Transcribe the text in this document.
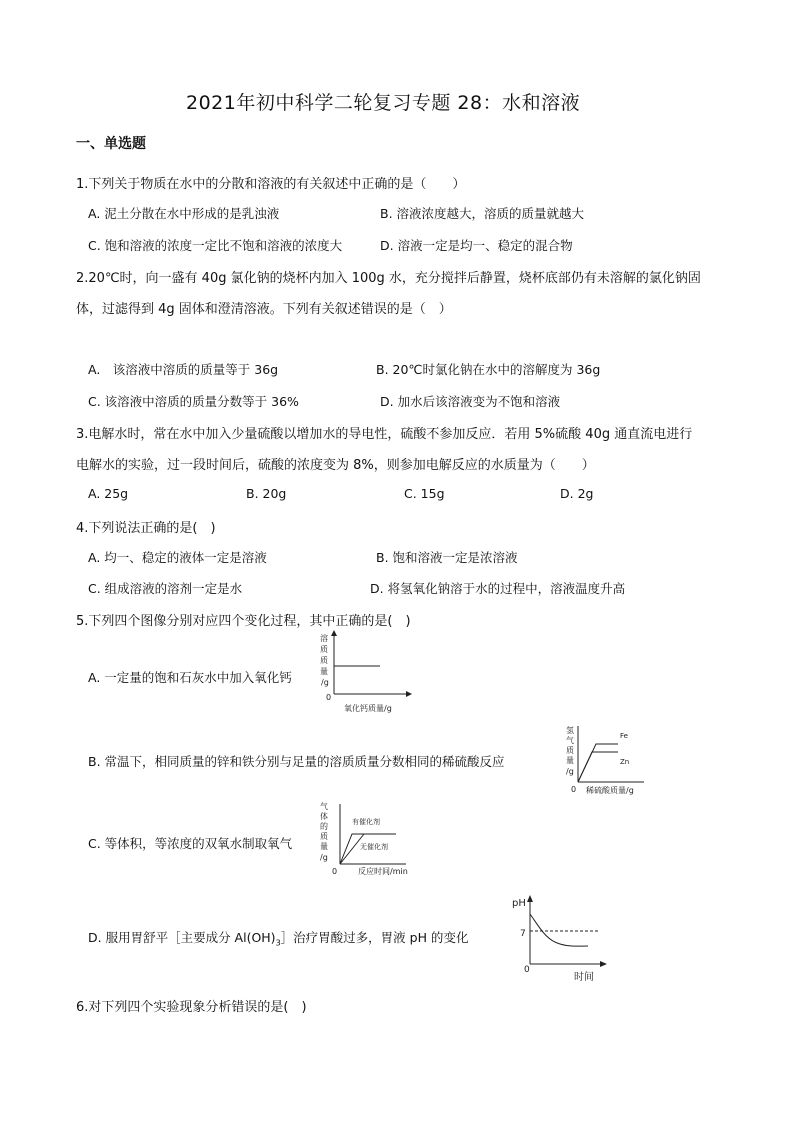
2021年初中科学二轮复习专题 28：水和溶液
一、单选题
1.下列关于物质在水中的分散和溶液的有关叙述中正确的是（　　）
A. 泥土分散在水中形成的是乳浊液	B. 溶液浓度越大，溶质的质量就越大
C. 饱和溶液的浓度一定比不饱和溶液的浓度大	D. 溶液一定是均一、稳定的混合物
2.20℃时，向一盛有 40g 氯化钠的烧杯内加入 100g 水，充分搅拌后静置，烧杯底部仍有未溶解的氯化钠固
体，过滤得到 4g 固体和澄清溶液。下列有关叙述错误的是（　）
A.　该溶液中溶质的质量等于 36g	B. 20℃时氯化钠在水中的溶解度为 36g
C. 该溶液中溶质的质量分数等于 36%	D. 加水后该溶液变为不饱和溶液
3.电解水时，常在水中加入少量硫酸以增加水的导电性，硫酸不参加反应．若用 5%硫酸 40g 通直流电进行
电解水的实验，过一段时间后，硫酸的浓度变为 8%，则参加电解反应的水质量为（　　）
A. 25g	B. 20g	C. 15g	D. 2g
4.下列说法正确的是(　)
A. 均一、稳定的液体一定是溶液	B. 饱和溶液一定是浓溶液
C. 组成溶液的溶剂一定是水	D. 将氢氧化钠溶于水的过程中，溶液温度升高
5.下列四个图像分别对应四个变化过程，其中正确的是(　)
A. 一定量的饱和石灰水中加入氧化钙
溶
质
质
量
/g
0
氧化钙质量/g
B. 常温下，相同质量的锌和铁分别与足量的溶质质量分数相同的稀硫酸反应
氢
气
质
量
/g
0 稀硫酸质量/g
Fe
Zn
C. 等体积，等浓度的双氧水制取氧气
气
体
的
质
量
/g
0	反应时间/min
有催化剂
无催化剂
D. 服用胃舒平［主要成分 $Al(OH)_3]$治疗胃酸过多，胃液 pH 的变化
pH
7
0
时间
6.对下列四个实验现象分析错误的是(　)
